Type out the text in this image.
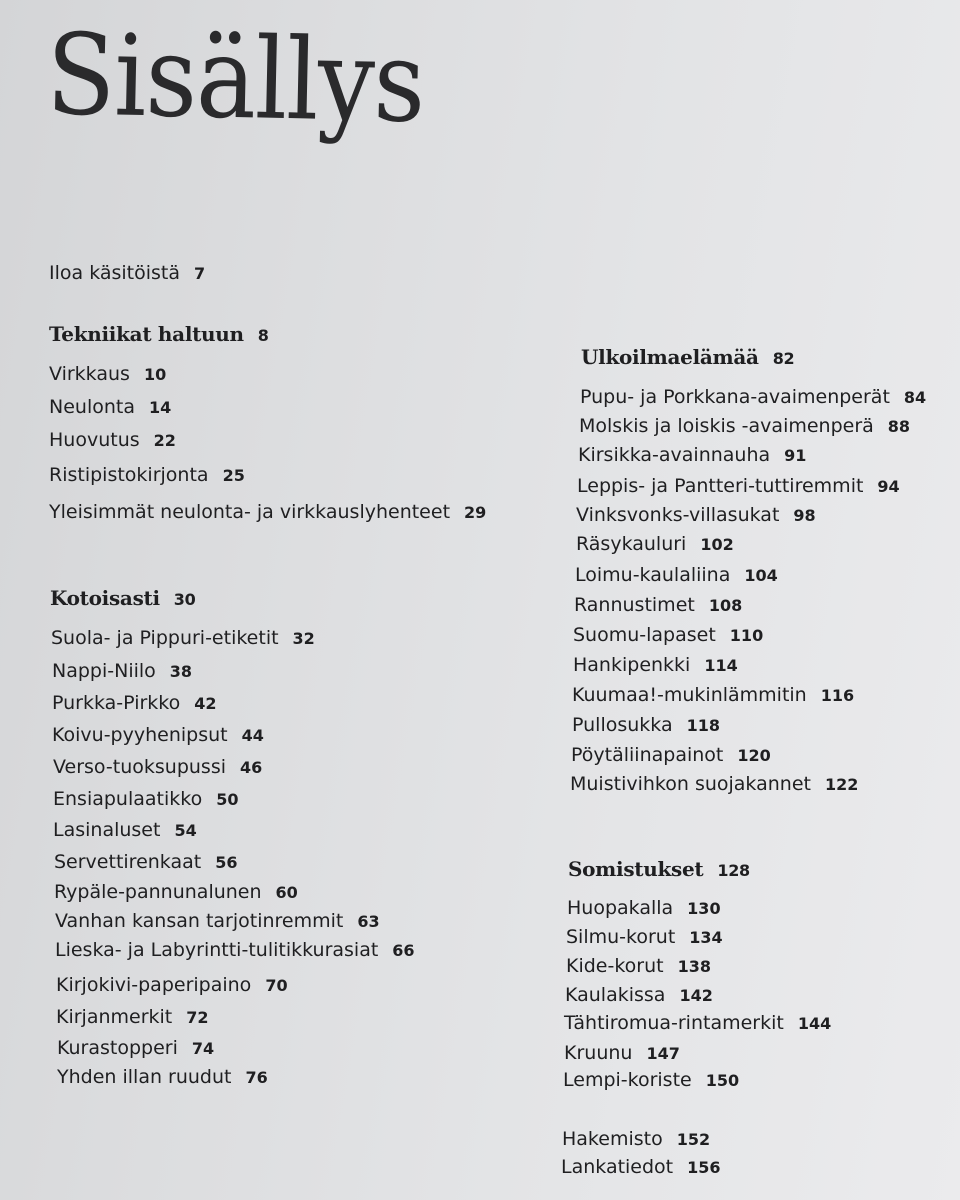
Sisällys
Iloa käsitöistä 7
Tekniikat haltuun 8
Virkkaus 10
Neulonta 14
Huovutus 22
Ristipistokirjonta 25
Yleisimmät neulonta- ja virkkauslyhenteet 29
Kotoisasti 30
Suola- ja Pippuri-etiketit 32
Nappi-Niilo 38
Purkka-Pirkko 42
Koivu-pyyhenipsut 44
Verso-tuoksupussi 46
Ensiapulaatikko 50
Lasinaluset 54
Servettirenkaat 56
Rypäle-pannunalunen 60
Vanhan kansan tarjotinremmit 63
Lieska- ja Labyrintti-tulitikkurasiat 66
Kirjokivi-paperipaino 70
Kirjanmerkit 72
Kurastopperi 74
Yhden illan ruudut 76
Ulkoilmaelämää 82
Pupu- ja Porkkana-avaimenperät 84
Molskis ja loiskis -avaimenperä 88
Kirsikka-avainnauha 91
Leppis- ja Pantteri-tuttiremmit 94
Vinksvonks-villasukat 98
Räsykauluri 102
Loimu-kaulaliina 104
Rannustimet 108
Suomu-lapaset 110
Hankipenkki 114
Kuumaa!-mukinlämmitin 116
Pullosukka 118
Pöytäliinapainot 120
Muistivihkon suojakannet 122
Somistukset 128
Huopakalla 130
Silmu-korut 134
Kide-korut 138
Kaulakissa 142
Tähtiromua-rintamerkit 144
Kruunu 147
Lempi-koriste 150
Hakemisto 152
Lankatiedot 156
